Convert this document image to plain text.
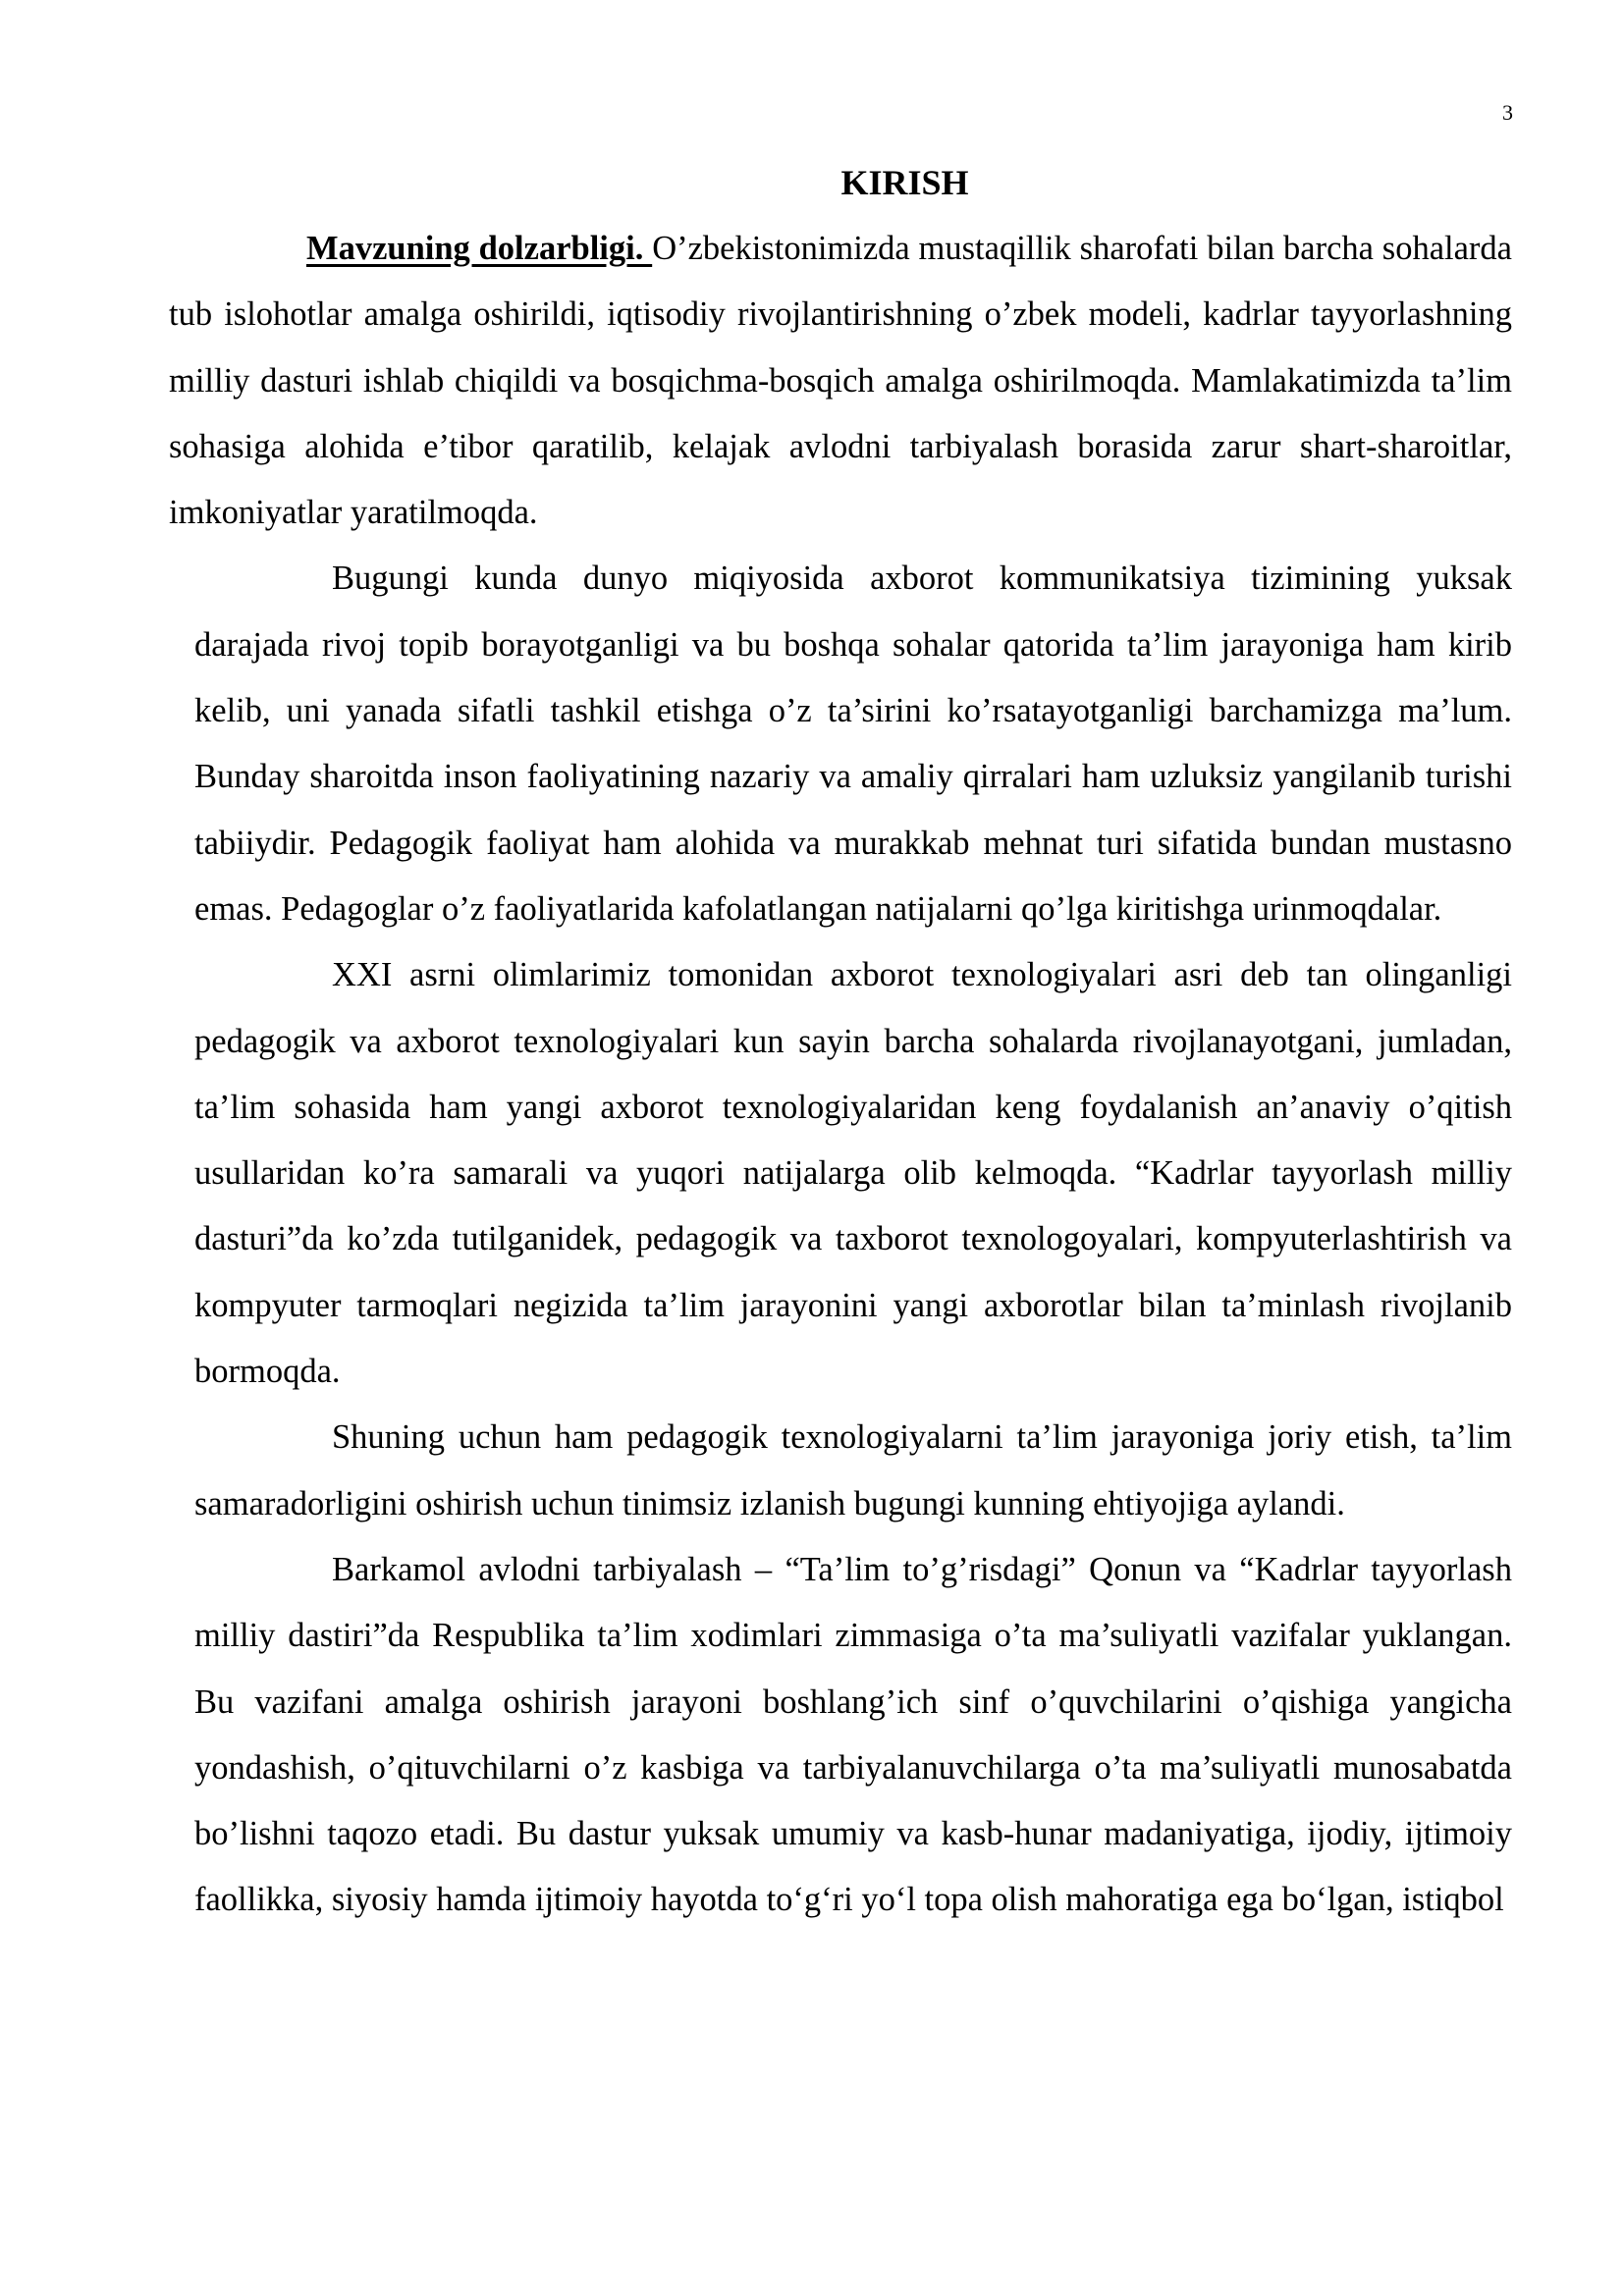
3
KIRISH

Mavzuning dolzarbligi. O’zbekistonimizda mustaqillik sharofati bilan barcha sohalarda tub islohotlar amalga oshirildi, iqtisodiy rivojlantirishning o’zbek modeli, kadrlar tayyorlashning milliy dasturi ishlab chiqildi va bosqichma-bosqich amalga oshirilmoqda. Mamlakatimizda ta’lim sohasiga alohida e’tibor qaratilib, kelajak avlodni tarbiyalash borasida zarur shart-sharoitlar, imkoniyatlar yaratilmoqda.

Bugungi kunda dunyo miqiyosida axborot kommunikatsiya tizimining yuksak darajada rivoj topib borayotganligi va bu boshqa sohalar qatorida ta’lim jarayoniga ham kirib kelib, uni yanada sifatli tashkil etishga o’z ta’sirini ko’rsatayotganligi barchamizga ma’lum. Bunday sharoitda inson faoliyatining nazariy va amaliy qirralari ham uzluksiz yangilanib turishi tabiiydir. Pedagogik faoliyat ham alohida va murakkab mehnat turi sifatida bundan mustasno emas. Pedagoglar o’z faoliyatlarida kafolatlangan natijalarni qo’lga kiritishga urinmoqdalar.

XXI asrni olimlarimiz tomonidan axborot texnologiyalari asri deb tan olinganligi pedagogik va axborot texnologiyalari kun sayin barcha sohalarda rivojlanayotgani, jumladan, ta’lim sohasida ham yangi axborot texnologiyalaridan keng foydalanish an’anaviy o’qitish usullaridan ko’ra samarali va yuqori natijalarga olib kelmoqda. “Kadrlar tayyorlash milliy dasturi”da ko’zda tutilganidek, pedagogik va taxborot texnologoyalari, kompyuterlashtirish va kompyuter tarmoqlari negizida ta’lim jarayonini yangi axborotlar bilan ta’minlash rivojlanib bormoqda.

Shuning uchun ham pedagogik texnologiyalarni ta’lim jarayoniga joriy etish, ta’lim samaradorligini oshirish uchun tinimsiz izlanish bugungi kunning ehtiyojiga aylandi.

Barkamol avlodni tarbiyalash – “Ta’lim to’g’risdagi” Qonun va “Kadrlar tayyorlash milliy dastiri”da Respublika ta’lim xodimlari zimmasiga o’ta ma’suliyatli vazifalar yuklangan. Bu vazifani amalga oshirish jarayoni boshlang’ich sinf o’quvchilarini o’qishiga yangicha yondashish, o’qituvchilarni o’z kasbiga va tarbiyalanuvchilarga o’ta ma’suliyatli munosabatda bo’lishni taqozo etadi. Bu dastur yuksak umumiy va kasb-hunar madaniyatiga, ijodiy, ijtimoiy faollikka, siyosiy hamda ijtimoiy hayotda to‘g‘ri yo‘l topa olish mahoratiga ega bo‘lgan, istiqbol
